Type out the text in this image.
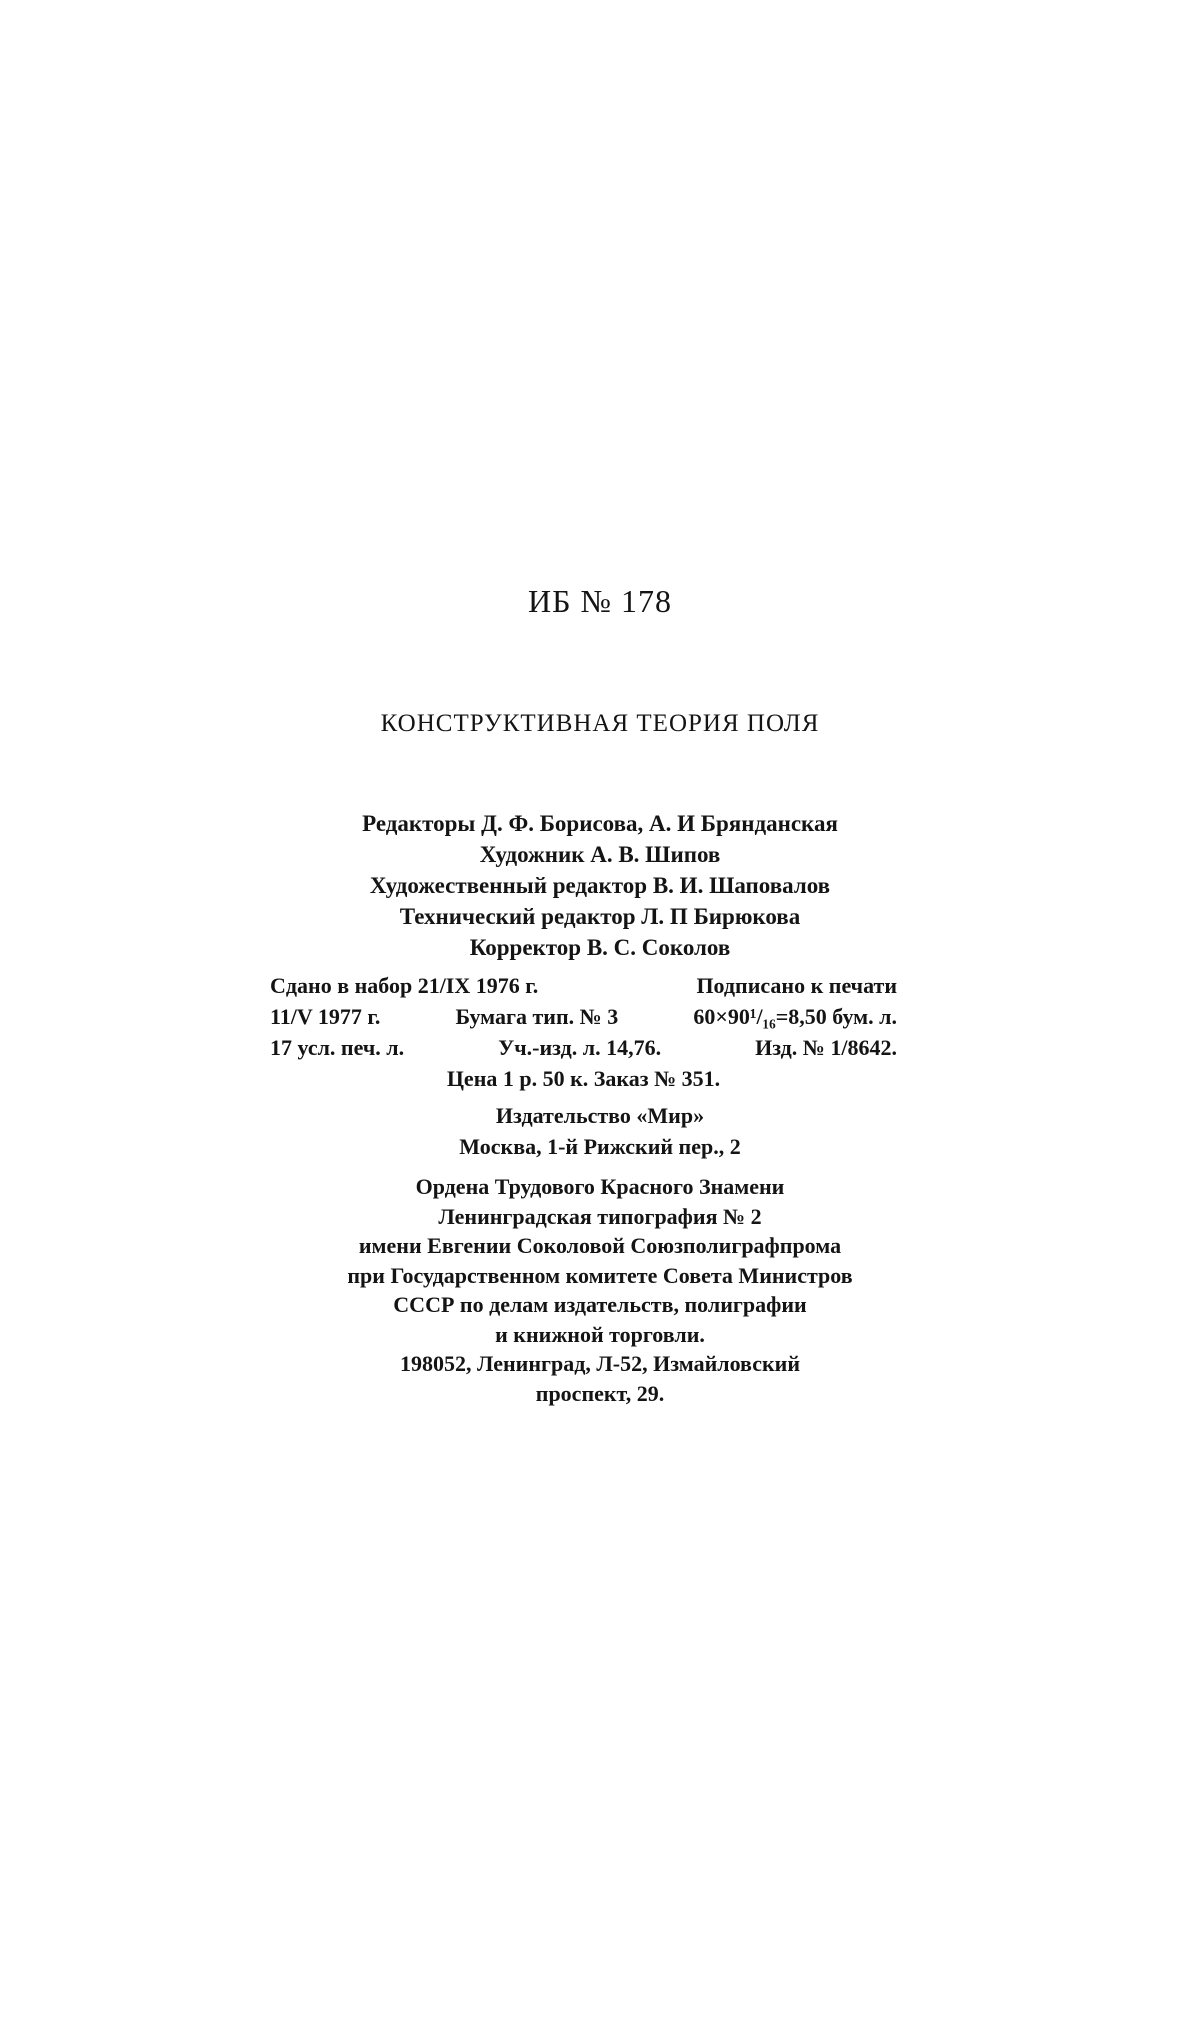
ИБ № 178
КОНСТРУКТИВНАЯ ТЕОРИЯ ПОЛЯ
Редакторы Д. Ф. Борисова, А. И Брянданская
Художник А. В. Шипов
Художественный редактор В. И. Шаповалов
Технический редактор Л. П Бирюкова
Корректор В. С. Соколов
Сдано в набор 21/IX 1976 г.	Подписано к печати
11/V 1977 г.	Бумага тип. № 3	60×90¹/₁₆=8,50 бум. л.
17 усл. печ. л.	Уч.-изд. л. 14,76.	Изд. № 1/8642.
Цена 1 р. 50 к. Заказ № 351.
Издательство «Мир»
Москва, 1-й Рижский пер., 2
Ордена Трудового Красного Знамени
Ленинградская типография № 2
имени Евгении Соколовой Союзполиграфпрома
при Государственном комитете Совета Министров
СССР по делам издательств, полиграфии
и книжной торговли.
198052, Ленинград, Л-52, Измайловский
проспект, 29.
